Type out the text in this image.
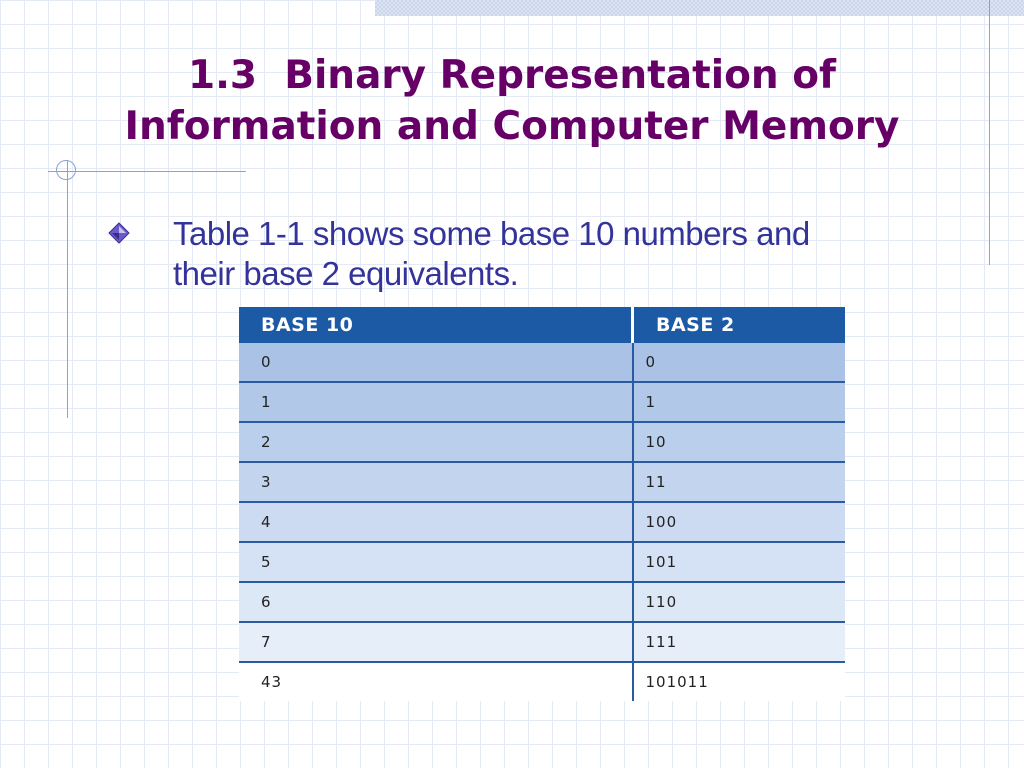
1.3  Binary Representation of
Information and Computer Memory
Table 1-1 shows some base 10 numbers and
their base 2 equivalents.
BASE 10	BASE 2
0	0
1	1
2	10
3	11
4	100
5	101
6	110
7	111
43	101011
